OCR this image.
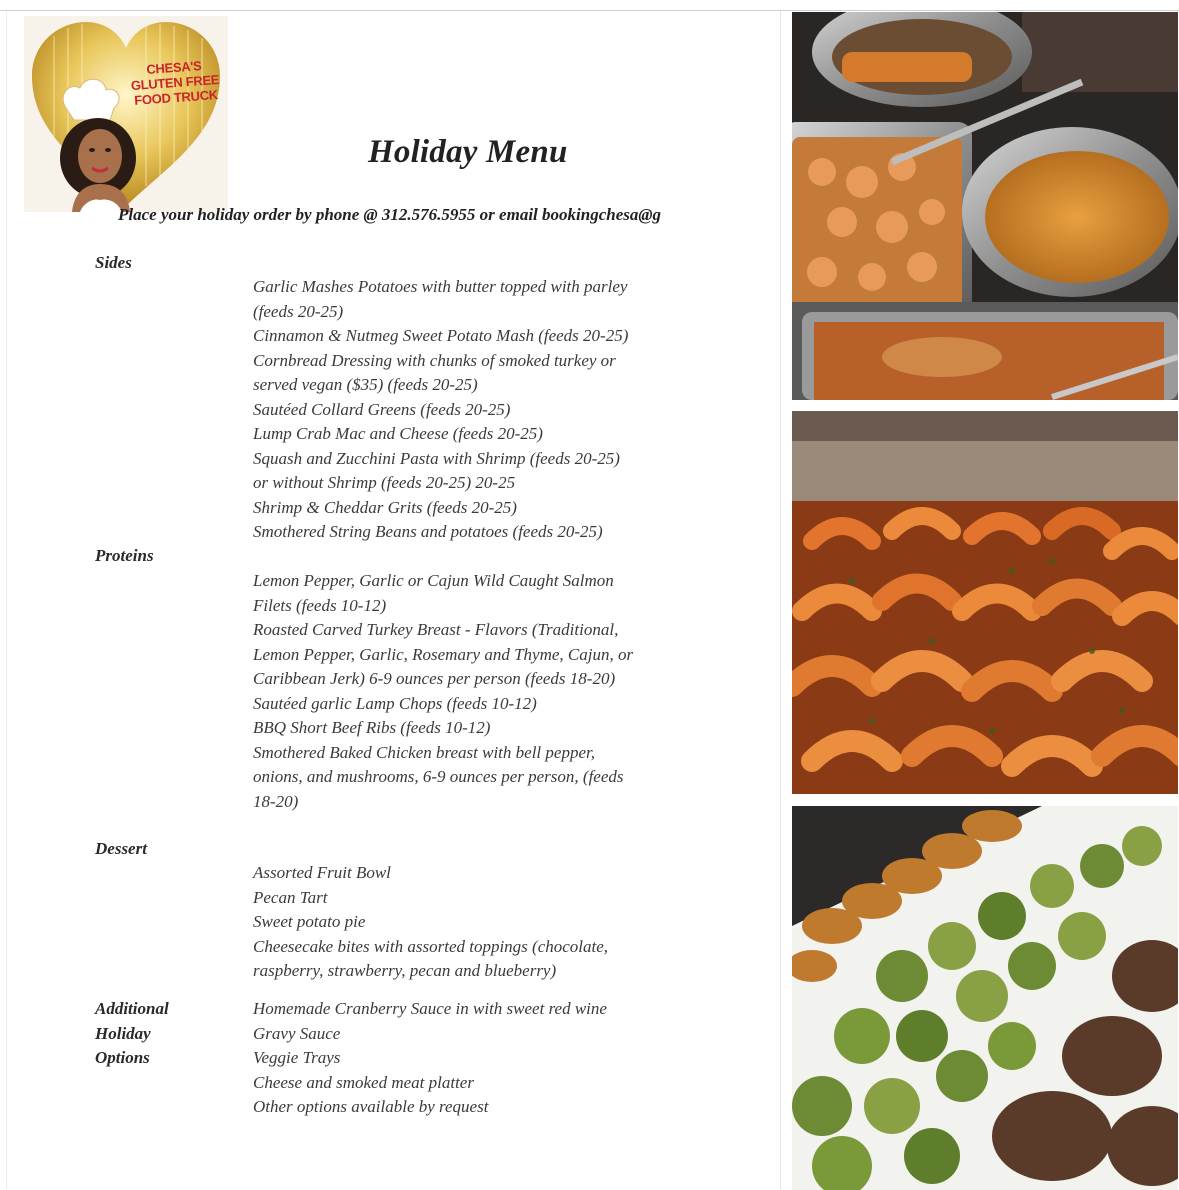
CHESA'S
GLUTEN FREE
FOOD TRUCK
Holiday Menu
Place your holiday order by phone @ 312.576.5955 or email bookingchesa@g
Sides
Garlic Mashes Potatoes with butter topped with parley
(feeds 20-25)
Cinnamon & Nutmeg Sweet Potato Mash (feeds 20-25)
Cornbread Dressing with chunks of smoked turkey or
served vegan ($35) (feeds 20-25)
Sautéed Collard Greens (feeds 20-25)
Lump Crab Mac and Cheese (feeds 20-25)
Squash and Zucchini Pasta with Shrimp (feeds 20-25)
or without Shrimp (feeds 20-25) 20-25
Shrimp & Cheddar Grits (feeds 20-25)
Smothered String Beans and potatoes (feeds 20-25)
Proteins
Lemon Pepper, Garlic or Cajun Wild Caught Salmon
Filets (feeds 10-12)
Roasted Carved Turkey Breast - Flavors (Traditional,
Lemon Pepper, Garlic, Rosemary and Thyme, Cajun, or
Caribbean Jerk) 6-9 ounces per person (feeds 18-20)
Sautéed garlic Lamp Chops (feeds 10-12)
BBQ Short Beef Ribs (feeds 10-12)
Smothered Baked Chicken breast with bell pepper,
onions, and mushrooms, 6-9 ounces per person, (feeds
18-20)
Dessert
Assorted Fruit Bowl
Pecan Tart
Sweet potato pie
Cheesecake bites with assorted toppings (chocolate,
raspberry, strawberry, pecan and blueberry)
Additional
Holiday
Options
Homemade Cranberry Sauce in with sweet red wine
Gravy Sauce
Veggie Trays
Cheese and smoked meat platter
Other options available by request
